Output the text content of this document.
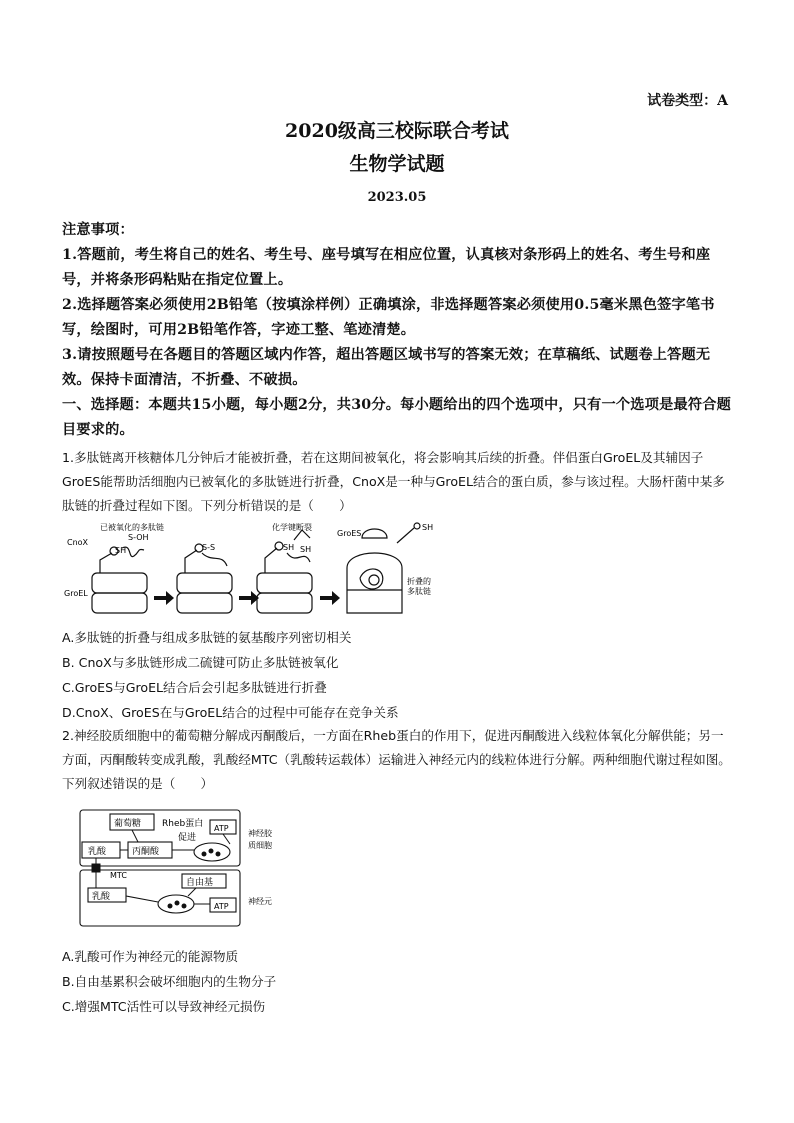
试卷类型：A
2020级高三校际联合考试
生物学试题
2023.05
注意事项：
1.答题前，考生将自己的姓名、考生号、座号填写在相应位置，认真核对条形码上的姓名、考生号和座号，并将条形码粘贴在指定位置上。
2.选择题答案必须使用2B铅笔（按填涂样例）正确填涂，非选择题答案必须使用0.5毫米黑色签字笔书写，绘图时，可用2B铅笔作答，字迹工整、笔迹清楚。
3.请按照题号在各题目的答题区域内作答，超出答题区域书写的答案无效；在草稿纸、试题卷上答题无效。保持卡面清洁，不折叠、不破损。
一、选择题：本题共15小题，每小题2分，共30分。每小题给出的四个选项中，只有一个选项是最符合题目要求的。
1.多肽链离开核糖体几分钟后才能被折叠，若在这期间被氧化，将会影响其后续的折叠。伴侣蛋白GroEL及其辅因子GroES能帮助活细胞内已被氧化的多肽链进行折叠，CnoX是一种与GroEL结合的蛋白质，参与该过程。大肠杆菌中某多肽链的折叠过程如下图。下列分析错误的是（　　）
已被氧化的多肽链
CnoX
SH
S-OH
S-S
GroEL
化学键断裂
SH SH
GroES
SH
折叠的
多肽链
A.多肽链的折叠与组成多肽链的氨基酸序列密切相关
B. CnoX与多肽链形成二硫键可防止多肽链被氧化
C.GroES与GroEL结合后会引起多肽链进行折叠
D.CnoX、GroES在与GroEL结合的过程中可能存在竞争关系
2.神经胶质细胞中的葡萄糖分解成丙酮酸后，一方面在Rheb蛋白的作用下，促进丙酮酸进入线粒体氧化分解供能；另一方面，丙酮酸转变成乳酸，乳酸经MTC（乳酸转运载体）运输进入神经元内的线粒体进行分解。两种细胞代谢过程如图。下列叙述错误的是（　　）
葡萄糖 Rheb蛋白 ATP
促进
乳酸	丙酮酸
神经胶
质细胞
MTC
自由基
乳酸
ATP
神经元
A.乳酸可作为神经元的能源物质
B.自由基累积会破坏细胞内的生物分子
C.增强MTC活性可以导致神经元损伤
